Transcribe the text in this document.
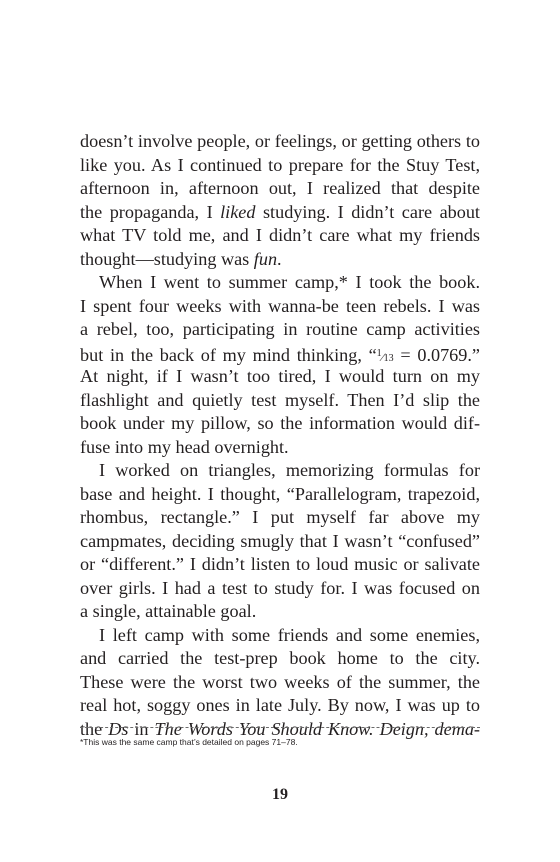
doesn’t involve people, or feelings, or getting others to
like you. As I continued to prepare for the Stuy Test,
afternoon in, afternoon out, I realized that despite
the propaganda, I liked studying. I didn’t care about
what TV told me, and I didn’t care what my friends
thought—studying was fun.
When I went to summer camp,* I took the book.
I spent four weeks with wanna-be teen rebels. I was
a rebel, too, participating in routine camp activities
but in the back of my mind thinking, “$^1$⁄13 = 0.0769.”
At night, if I wasn’t too tired, I would turn on my
flashlight and quietly test myself. Then I’d slip the
book under my pillow, so the information would dif-
fuse into my head overnight.
I worked on triangles, memorizing formulas for
base and height. I thought, “Parallelogram, trapezoid,
rhombus, rectangle.” I put myself far above my
campmates, deciding smugly that I wasn’t “confused”
or “different.” I didn’t listen to loud music or salivate
over girls. I had a test to study for. I was focused on
a single, attainable goal.
I left camp with some friends and some enemies,
and carried the test-prep book home to the city.
These were the worst two weeks of the summer, the
real hot, soggy ones in late July. By now, I was up to
the Ds in The Words You Should Know. Deign, dema-
*This was the same camp that’s detailed on pages 71–78.
19
